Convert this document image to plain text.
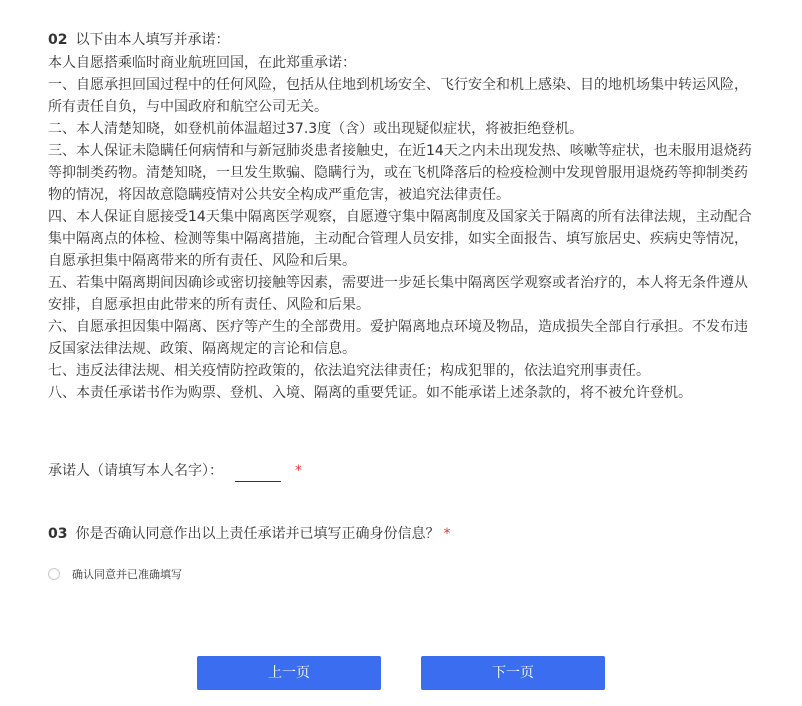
02 以下由本人填写并承诺：

本人自愿搭乘临时商业航班回国，在此郑重承诺：

一、自愿承担回国过程中的任何风险，包括从住地到机场安全、飞行安全和机上感染、目的地机场集中转运风险，所有责任自负，与中国政府和航空公司无关。

二、本人清楚知晓，如登机前体温超过37.3度（含）或出现疑似症状，将被拒绝登机。

三、本人保证未隐瞒任何病情和与新冠肺炎患者接触史，在近14天之内未出现发热、咳嗽等症状，也未服用退烧药等抑制类药物。清楚知晓，一旦发生欺骗、隐瞒行为，或在飞机降落后的检疫检测中发现曾服用退烧药等抑制类药物的情况，将因故意隐瞒疫情对公共安全构成严重危害，被追究法律责任。

四、本人保证自愿接受14天集中隔离医学观察，自愿遵守集中隔离制度及国家关于隔离的所有法律法规，主动配合集中隔离点的体检、检测等集中隔离措施，主动配合管理人员安排，如实全面报告、填写旅居史、疾病史等情况，自愿承担集中隔离带来的所有责任、风险和后果。

五、若集中隔离期间因确诊或密切接触等因素，需要进一步延长集中隔离医学观察或者治疗的，本人将无条件遵从安排，自愿承担由此带来的所有责任、风险和后果。

六、自愿承担因集中隔离、医疗等产生的全部费用。爱护隔离地点环境及物品，造成损失全部自行承担。不发布违反国家法律法规、政策、隔离规定的言论和信息。

七、违反法律法规、相关疫情防控政策的，依法追究法律责任；构成犯罪的，依法追究刑事责任。

八、本责任承诺书作为购票、登机、入境、隔离的重要凭证。如不能承诺上述条款的，将不被允许登机。

承诺人（请填写本人名字）：	*
03 你是否确认同意作出以上责任承诺并已填写正确身份信息？ *
确认同意并已准确填写
上一页	下一页
